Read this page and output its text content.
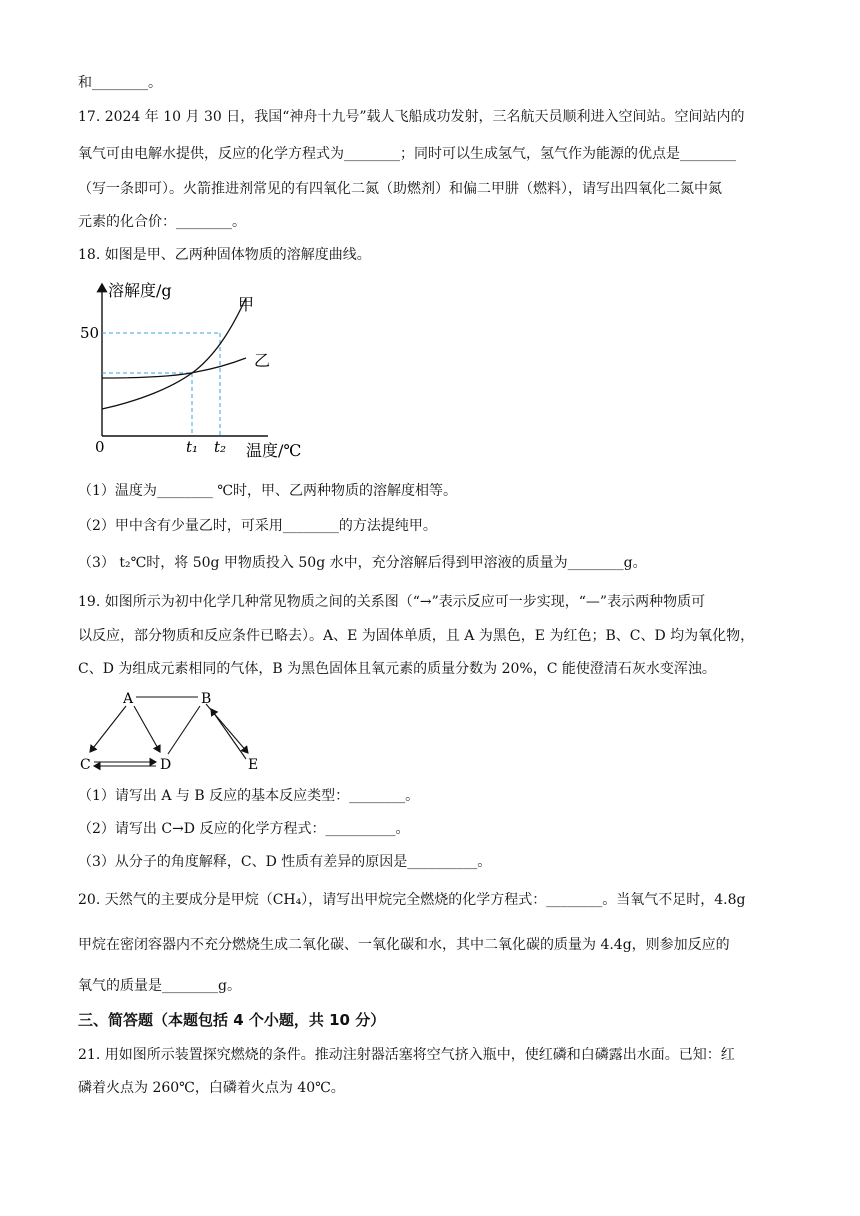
和________。
17. 2024 年 10 月 30 日，我国“神舟十九号”载人飞船成功发射，三名航天员顺利进入空间站。空间站内的
氧气可由电解水提供，反应的化学方程式为________；同时可以生成氢气，氢气作为能源的优点是________
（写一条即可）。火箭推进剂常见的有四氧化二氮（助燃剂）和偏二甲肼（燃料），请写出四氧化二氮中氮
元素的化合价：________。
18. 如图是甲、乙两种固体物质的溶解度曲线。
溶解度/g
温度/℃
0
50
t₁ t₂
甲
乙
（1）温度为________ ℃时，甲、乙两种物质的溶解度相等。
（2）甲中含有少量乙时，可采用________的方法提纯甲。
（3） t₂℃时，将 50g 甲物质投入 50g 水中，充分溶解后得到甲溶液的质量为________g。
19. 如图所示为初中化学几种常见物质之间的关系图（“→”表示反应可一步实现，“—”表示两种物质可
以反应，部分物质和反应条件已略去）。A、E 为固体单质，且 A 为黑色，E 为红色；B、C、D 均为氧化物，
C、D 为组成元素相同的气体，B 为黑色固体且氧元素的质量分数为 20%，C 能使澄清石灰水变浑浊。
A	B
C	D	E
（1）请写出 A 与 B 反应的基本反应类型：________。
（2）请写出 C→D 反应的化学方程式：__________。
（3）从分子的角度解释，C、D 性质有差异的原因是__________。
20. 天然气的主要成分是甲烷（CH₄），请写出甲烷完全燃烧的化学方程式：________。当氧气不足时，4.8g
甲烷在密闭容器内不充分燃烧生成二氧化碳、一氧化碳和水，其中二氧化碳的质量为 4.4g，则参加反应的
氧气的质量是________g。
三、简答题（本题包括 4 个小题，共 10 分）
21. 用如图所示装置探究燃烧的条件。推动注射器活塞将空气挤入瓶中，使红磷和白磷露出水面。已知：红
磷着火点为 260℃，白磷着火点为 40℃。
